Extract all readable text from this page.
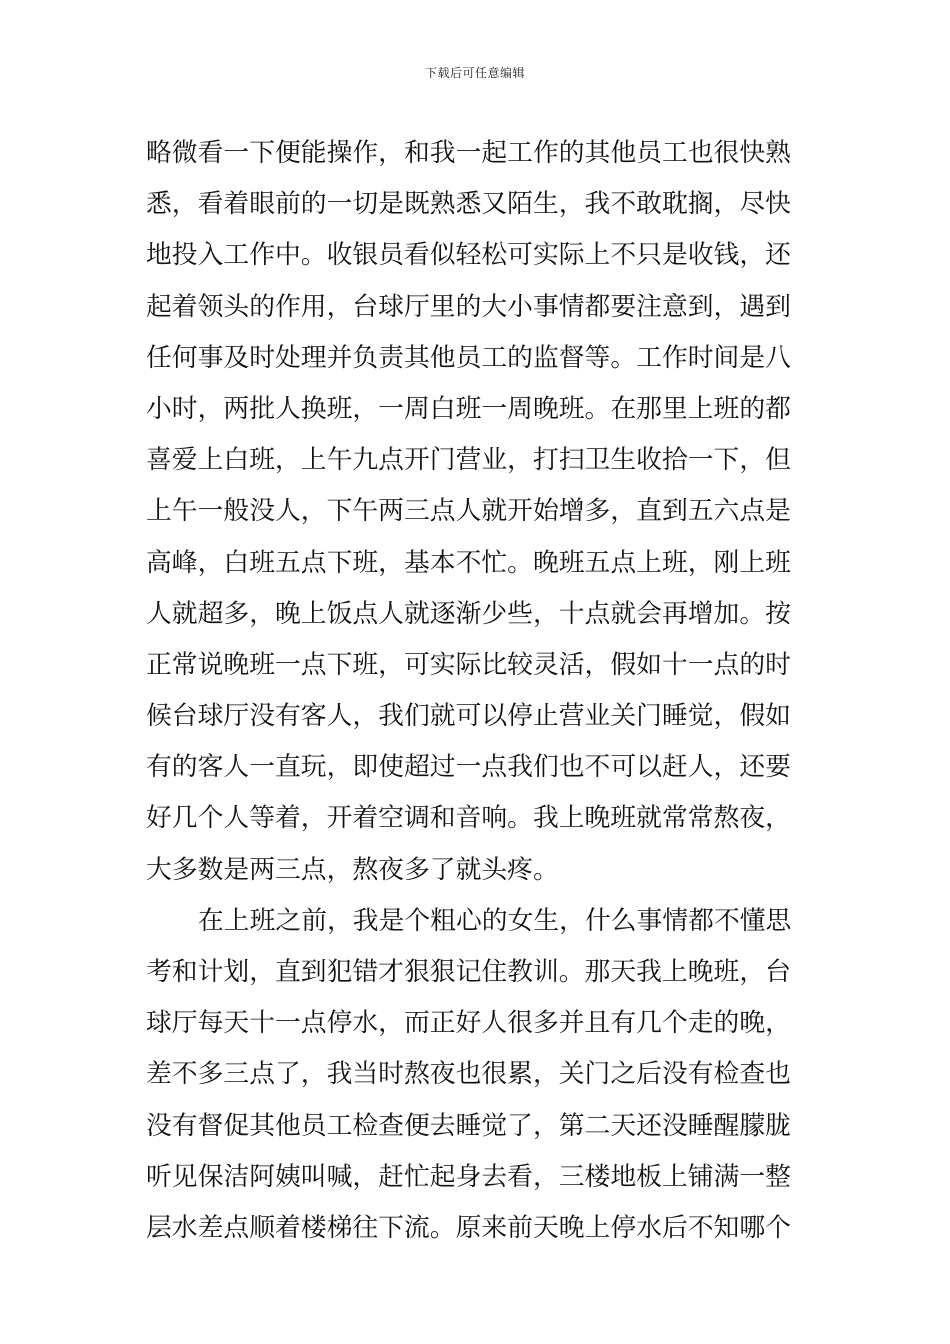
下载后可任意编辑
略微看一下便能操作，和我一起工作的其他员工也很快熟
悉，看着眼前的一切是既熟悉又陌生，我不敢耽搁，尽快
地投入工作中。收银员看似轻松可实际上不只是收钱，还
起着领头的作用，台球厅里的大小事情都要注意到，遇到
任何事及时处理并负责其他员工的监督等。工作时间是八
小时，两批人换班，一周白班一周晚班。在那里上班的都
喜爱上白班，上午九点开门营业，打扫卫生收拾一下，但
上午一般没人，下午两三点人就开始增多，直到五六点是
高峰，白班五点下班，基本不忙。晚班五点上班，刚上班
人就超多，晚上饭点人就逐渐少些，十点就会再增加。按
正常说晚班一点下班，可实际比较灵活，假如十一点的时
候台球厅没有客人，我们就可以停止营业关门睡觉，假如
有的客人一直玩，即使超过一点我们也不可以赶人，还要
好几个人等着，开着空调和音响。我上晚班就常常熬夜，
大多数是两三点，熬夜多了就头疼。
在上班之前，我是个粗心的女生，什么事情都不懂思
考和计划，直到犯错才狠狠记住教训。那天我上晚班，台
球厅每天十一点停水，而正好人很多并且有几个走的晚，
差不多三点了，我当时熬夜也很累，关门之后没有检查也
没有督促其他员工检查便去睡觉了，第二天还没睡醒朦胧
听见保洁阿姨叫喊，赶忙起身去看，三楼地板上铺满一整
层水差点顺着楼梯往下流。原来前天晚上停水后不知哪个
